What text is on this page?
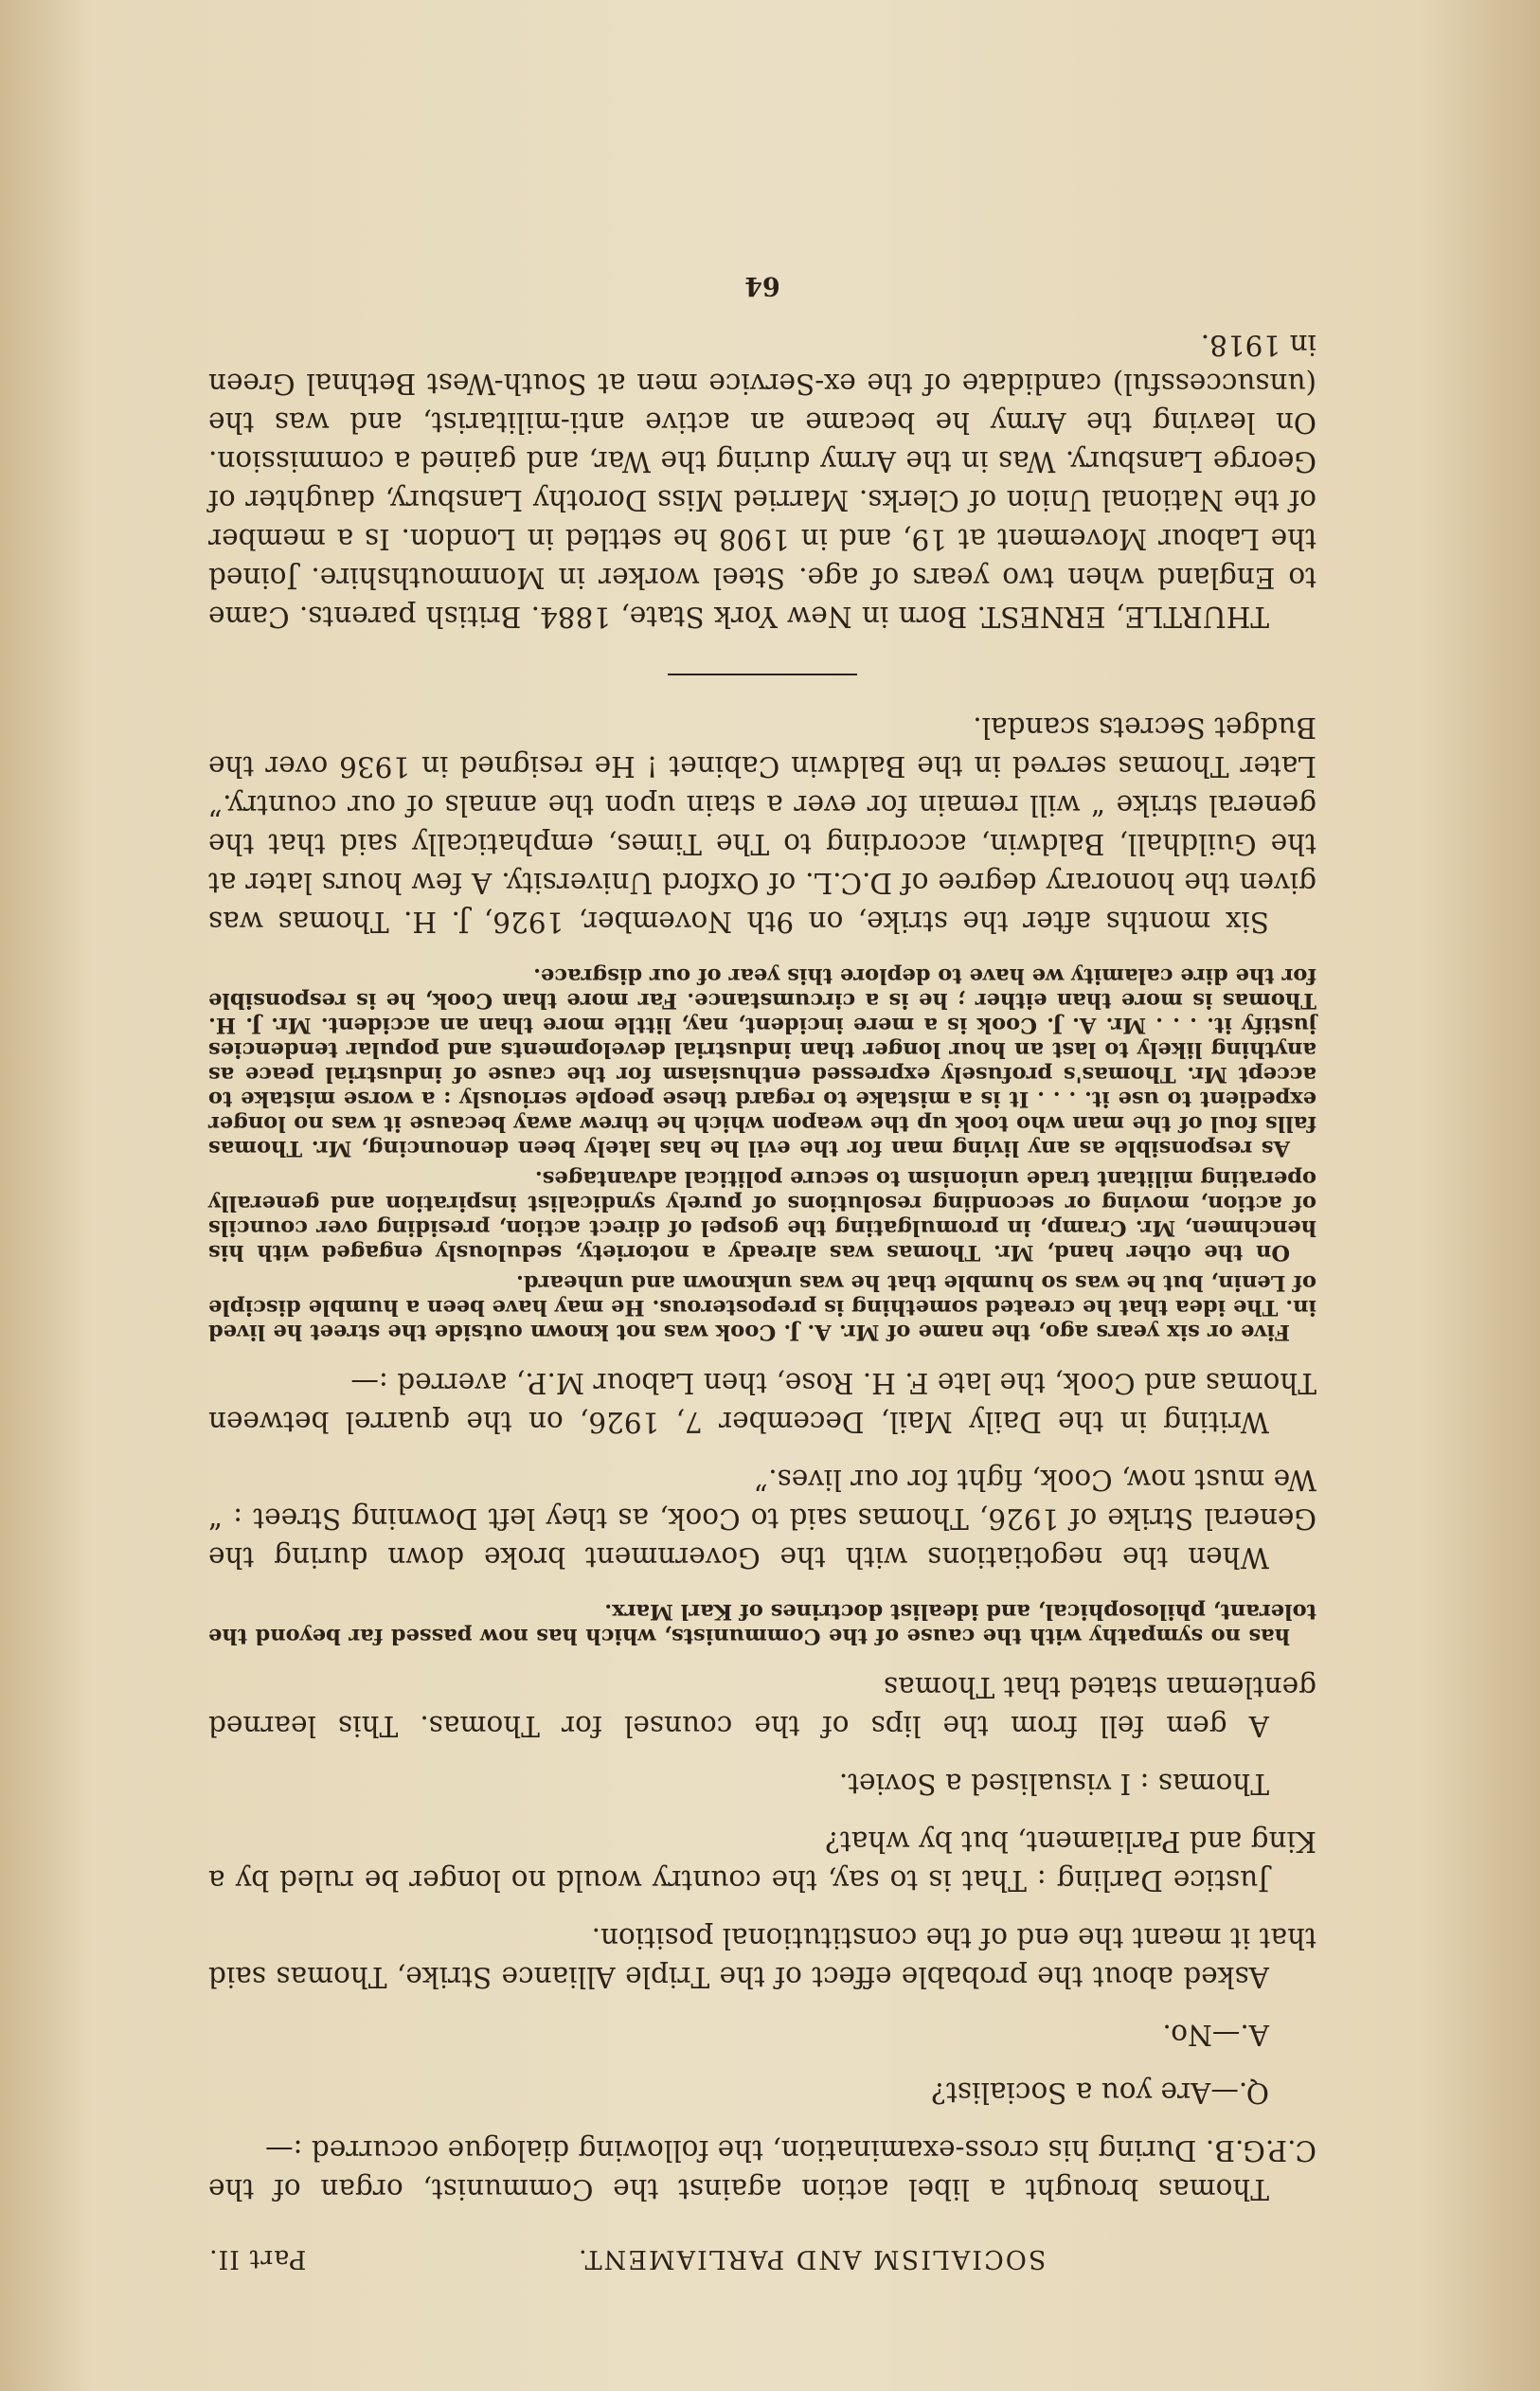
SOCIALISM AND PARLIAMENT.
Part II.

Thomas brought a libel action against the Communist, organ of the C.P.G.B. During his cross-examination, the following dialogue occurred :—

Q.—Are you a Socialist?

A.—No.

Asked about the probable effect of the Triple Alliance Strike, Thomas said that it meant the end of the constitutional position.

Justice Darling : That is to say, the country would no longer be ruled by a King and Parliament, but by what?

Thomas : I visualised a Soviet.

A gem fell from the lips of the counsel for Thomas. This learned gentleman stated that Thomas

has no sympathy with the cause of the Communists, which has now passed far beyond the tolerant, philosophical, and idealist doctrines of Karl Marx.

When the negotiations with the Government broke down during the General Strike of 1926, Thomas said to Cook, as they left Downing Street : “ We must now, Cook, fight for our lives.”

Writing in the Daily Mail, December 7, 1926, on the quarrel between Thomas and Cook, the late F. H. Rose, then Labour M.P., averred :—

Five or six years ago, the name of Mr. A. J. Cook was not known outside the street he lived in. The idea that he created something is preposterous. He may have been a humble disciple of Lenin, but he was so humble that he was unknown and unheard.
On the other hand, Mr. Thomas was already a notoriety, sedulously engaged with his henchmen, Mr. Cramp, in promulgating the gospel of direct action, presiding over councils of action, moving or seconding resolutions of purely syndicalist inspiration and generally operating militant trade unionism to secure political advantages.
As responsible as any living man for the evil he has lately been denouncing, Mr. Thomas falls foul of the man who took up the weapon which he threw away because it was no longer expedient to use it. . . . It is a mistake to regard these people seriously : a worse mistake to accept Mr. Thomas's profusely expressed enthusiasm for the cause of industrial peace as anything likely to last an hour longer than industrial developments and popular tendencies justify it. . . . Mr. A. J. Cook is a mere incident, nay, little more than an accident. Mr. J. H. Thomas is more than either ; he is a circumstance. Far more than Cook, he is responsible for the dire calamity we have to deplore this year of our disgrace.

Six months after the strike, on 9th November, 1926, J. H. Thomas was given the honorary degree of D.C.L. of Oxford University. A few hours later at the Guildhall, Baldwin, according to The Times, emphatically said that the general strike “ will remain for ever a stain upon the annals of our country.” Later Thomas served in the Baldwin Cabinet ! He resigned in 1936 over the Budget Secrets scandal.

THURTLE, ERNEST. Born in New York State, 1884. British parents. Came to England when two years of age. Steel worker in Monmouthshire. Joined the Labour Movement at 19, and in 1908 he settled in London. Is a member of the National Union of Clerks. Married Miss Dorothy Lansbury, daughter of George Lansbury. Was in the Army during the War, and gained a commission. On leaving the Army he became an active anti-militarist, and was the (unsuccessful) candidate of the ex-Service men at South-West Bethnal Green in 1918.

64
